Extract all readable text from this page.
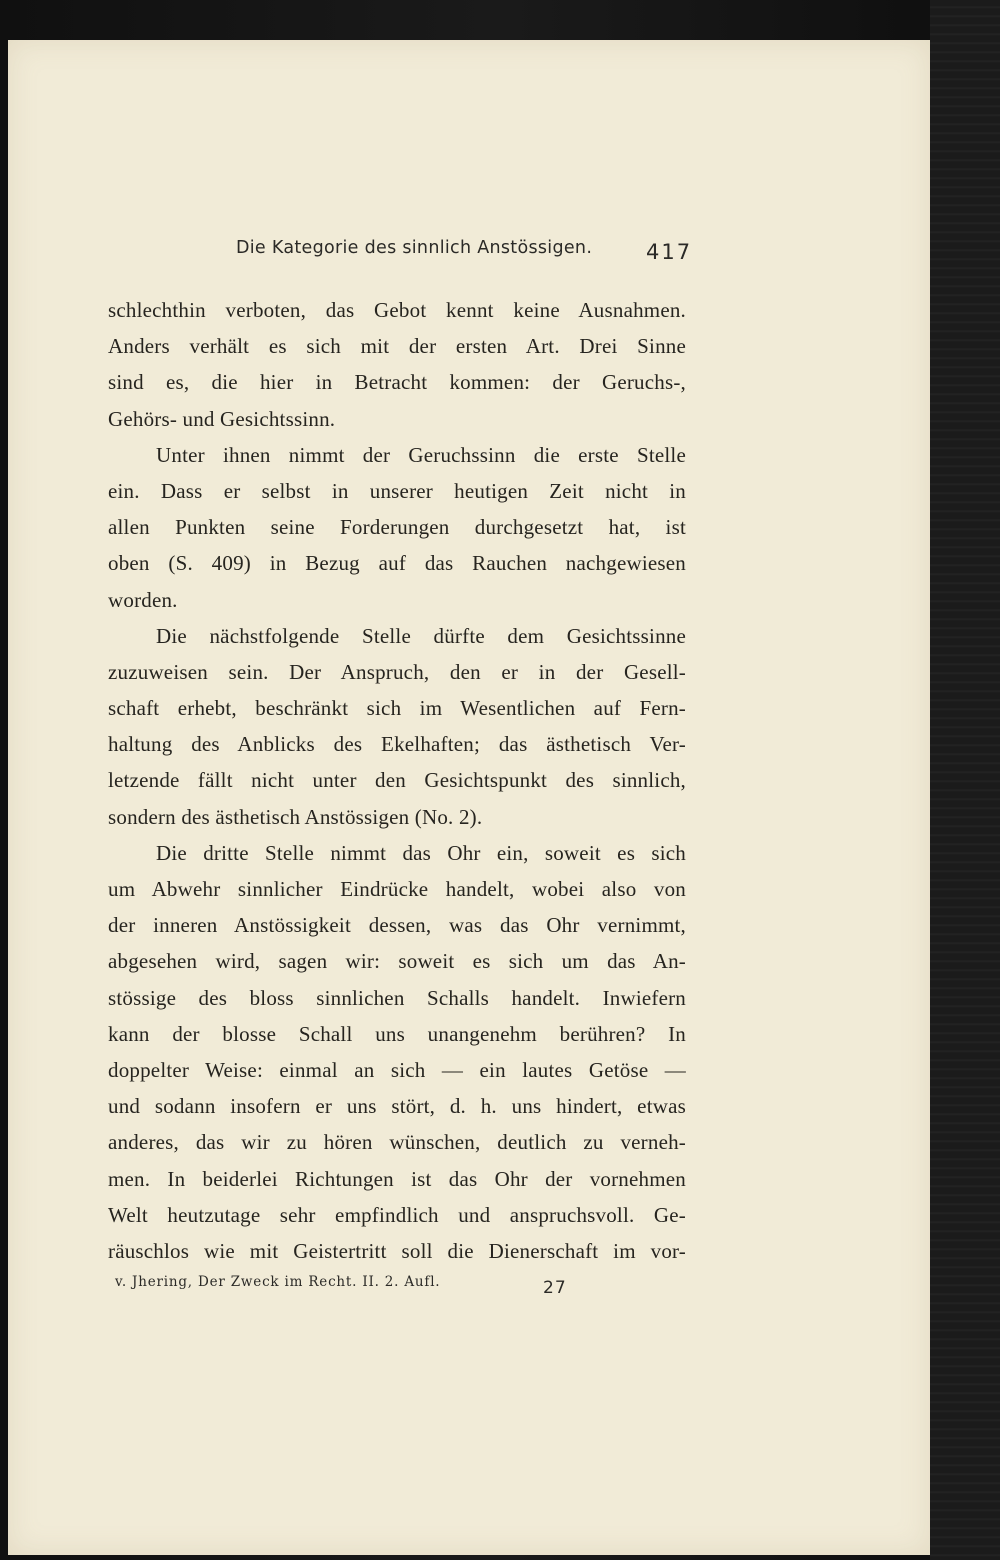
Die Kategorie des sinnlich Anstössigen.	417
schlechthin verboten, das Gebot kennt keine Ausnahmen.
Anders verhält es sich mit der ersten Art. Drei Sinne
sind es, die hier in Betracht kommen: der Geruchs-,
Gehörs- und Gesichtssinn.
Unter ihnen nimmt der Geruchssinn die erste Stelle
ein. Dass er selbst in unserer heutigen Zeit nicht in
allen Punkten seine Forderungen durchgesetzt hat, ist
oben (S. 409) in Bezug auf das Rauchen nachgewiesen
worden.
Die nächstfolgende Stelle dürfte dem Gesichtssinne
zuzuweisen sein. Der Anspruch, den er in der Gesell-
schaft erhebt, beschränkt sich im Wesentlichen auf Fern-
haltung des Anblicks des Ekelhaften; das ästhetisch Ver-
letzende fällt nicht unter den Gesichtspunkt des sinnlich,
sondern des ästhetisch Anstössigen (No. 2).
Die dritte Stelle nimmt das Ohr ein, soweit es sich
um Abwehr sinnlicher Eindrücke handelt, wobei also von
der inneren Anstössigkeit dessen, was das Ohr vernimmt,
abgesehen wird, sagen wir: soweit es sich um das An-
stössige des bloss sinnlichen Schalls handelt. Inwiefern
kann der blosse Schall uns unangenehm berühren? In
doppelter Weise: einmal an sich — ein lautes Getöse —
und sodann insofern er uns stört, d. h. uns hindert, etwas
anderes, das wir zu hören wünschen, deutlich zu verneh-
men. In beiderlei Richtungen ist das Ohr der vornehmen
Welt heutzutage sehr empfindlich und anspruchsvoll. Ge-
räuschlos wie mit Geistertritt soll die Dienerschaft im vor-
v. Jhering, Der Zweck im Recht. II. 2. Aufl.	27
